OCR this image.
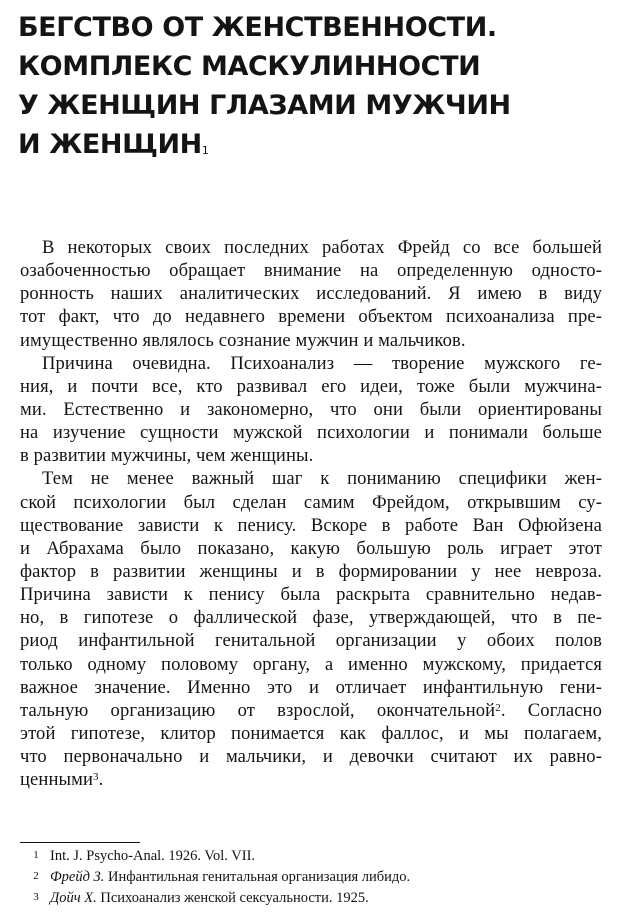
БЕГСТВО ОТ ЖЕНСТВЕННОСТИ.
КОМПЛЕКС МАСКУЛИННОСТИ
У ЖЕНЩИН ГЛАЗАМИ МУЖЧИН
И ЖЕНЩИН$^1$
В некоторых своих последних работах Фрейд со все большей
озабоченностью обращает внимание на определенную односто-
ронность наших аналитических исследований. Я имею в виду
тот факт, что до недавнего времени объектом психоанализа пре-
имущественно являлось сознание мужчин и мальчиков.
Причина очевидна. Психоанализ — творение мужского ге-
ния, и почти все, кто развивал его идеи, тоже были мужчина-
ми. Естественно и закономерно, что они были ориентированы
на изучение сущности мужской психологии и понимали больше
в развитии мужчины, чем женщины.
Тем не менее важный шаг к пониманию специфики жен-
ской психологии был сделан самим Фрейдом, открывшим су-
ществование зависти к пенису. Вскоре в работе Ван Офюйзена
и Абрахама было показано, какую большую роль играет этот
фактор в развитии женщины и в формировании у нее невроза.
Причина зависти к пенису была раскрыта сравнительно недав-
но, в гипотезе о фаллической фазе, утверждающей, что в пе-
риод инфантильной генитальной организации у обоих полов
только одному половому органу, а именно мужскому, придается
важное значение. Именно это и отличает инфантильную гени-
тальную организацию от взрослой, окончательной$^2$. Согласно
этой гипотезе, клитор понимается как фаллос, и мы полагаем,
что первоначально и мальчики, и девочки считают их равно-
ценными$^3$.
1 Int. J. Psycho-Anal. 1926. Vol. VII.
2 Фрейд З. Инфантильная генитальная организация либидо.
3 Дойч Х. Психоанализ женской сексуальности. 1925.
